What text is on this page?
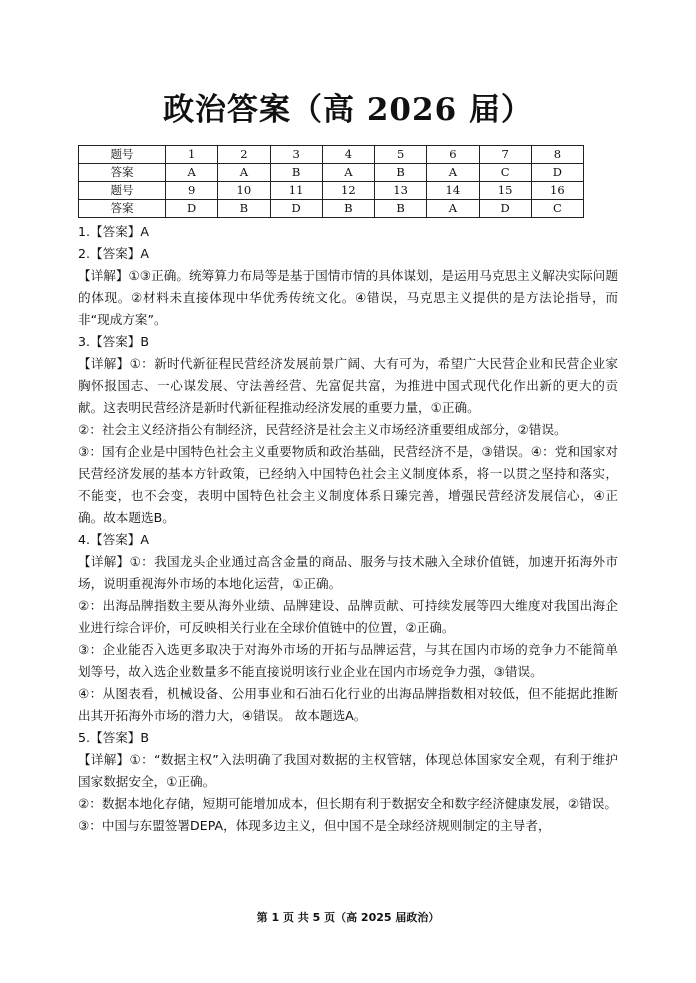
政治答案（高 2026 届）
题号	1	2	3	4	5	6	7	8
答案	A	A	B	A	B	A	C	D
题号	9	10	11	12	13	14	15	16
答案	D	B	D	B	B	A	D	C

1.【答案】A

2.【答案】A

【详解】①③正确。统筹算力布局等是基于国情市情的具体谋划，是运用马克思主义解决实际问题的体现。②材料未直接体现中华优秀传统文化。④错误，马克思主义提供的是方法论指导，而非“现成方案”。

3.【答案】B

【详解】①：新时代新征程民营经济发展前景广阔、大有可为，希望广大民营企业和民营企业家胸怀报国志、一心谋发展、守法善经营、先富促共富，为推进中国式现代化作出新的更大的贡献。这表明民营经济是新时代新征程推动经济发展的重要力量，①正确。

②：社会主义经济指公有制经济，民营经济是社会主义市场经济重要组成部分，②错误。

③：国有企业是中国特色社会主义重要物质和政治基础，民营经济不是，③错误。④：党和国家对民营经济发展的基本方针政策，已经纳入中国特色社会主义制度体系，将一以贯之坚持和落实，不能变，也不会变，表明中国特色社会主义制度体系日臻完善，增强民营经济发展信心，④正确。故本题选B。

4.【答案】A

【详解】①：我国龙头企业通过高含金量的商品、服务与技术融入全球价值链，加速开拓海外市场，说明重视海外市场的本地化运营，①正确。

②：出海品牌指数主要从海外业绩、品牌建设、品牌贡献、可持续发展等四大维度对我国出海企业进行综合评价，可反映相关行业在全球价值链中的位置，②正确。

③：企业能否入选更多取决于对海外市场的开拓与品牌运营，与其在国内市场的竞争力不能简单划等号，故入选企业数量多不能直接说明该行业企业在国内市场竞争力强，③错误。

④：从图表看，机械设备、公用事业和石油石化行业的出海品牌指数相对较低，但不能据此推断出其开拓海外市场的潜力大，④错误。 故本题选A。

5.【答案】B

【详解】①：“数据主权”入法明确了我国对数据的主权管辖，体现总体国家安全观，有利于维护国家数据安全，①正确。

②：数据本地化存储，短期可能增加成本，但长期有利于数据安全和数字经济健康发展，②错误。

③：中国与东盟签署DEPA，体现多边主义，但中国不是全球经济规则制定的主导者，

第 1 页 共 5 页（高 2025 届政治）
